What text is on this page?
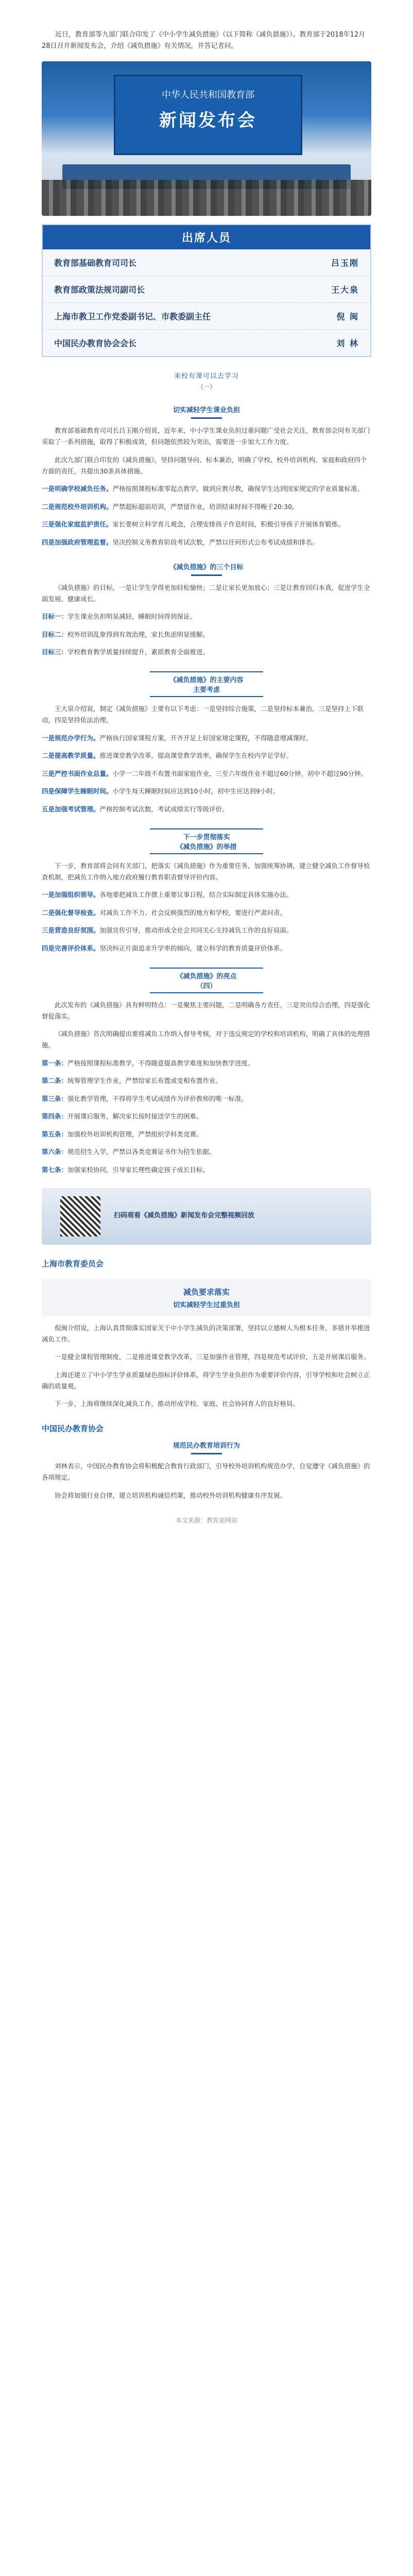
近日，教育部等九部门联合印发了《中小学生减负措施》（以下简称《减负措施》）。教育部于2018年12月28日召开新闻发布会，介绍《减负措施》有关情况，并答记者问。

中华人民共和国教育部
新闻发布会
出席人员
教育部基础教育司司长	吕玉刚
教育部政策法规司副司长	王大泉
上海市教卫工作党委副书记、市教委副主任	倪 闽
中国民办教育协会会长	刘 林
来校有课可以去学习
（一）
切实减轻学生课业负担

教育部基础教育司司长吕玉刚介绍说，近年来，中小学生课业负担过重问题广受社会关注，教育部会同有关部门采取了一系列措施，取得了积极成效，但问题依然较为突出，需要进一步加大工作力度。

此次九部门联合印发的《减负措施》，坚持问题导向、标本兼治，明确了学校、校外培训机构、家庭和政府四个方面的责任，共提出30条具体措施。

一是明确学校减负任务。严格按照课程标准零起点教学，做到应教尽教，确保学生达到国家规定的学业质量标准。

二是规范校外培训机构。严禁超标超前培训，严禁留作业，培训结束时间不得晚于20:30。

三是强化家庭监护责任。家长要树立科学育儿观念，合理安排孩子作息时间，积极引导孩子开展体育锻炼。

四是加强政府管理监督。坚决控制义务教育阶段考试次数，严禁以任何形式公布考试成绩和排名。

《减负措施》的三个目标

《减负措施》的目标，一是让学生学得更加轻松愉快；二是让家长更加放心；三是让教育回归本真，促进学生全面发展、健康成长。

目标一：学生课业负担明显减轻，睡眠时间得到保证。

目标二：校外培训乱象得到有效治理，家长焦虑明显缓解。

目标三：学校教育教学质量持续提升，素质教育全面推进。

《减负措施》的主要内容
主要考虑

王大泉介绍说，制定《减负措施》主要有以下考虑：一是坚持综合施策，二是坚持标本兼治，三是坚持上下联动，四是坚持依法治理。

一是规范办学行为。严格执行国家课程方案，开齐开足上好国家规定课程，不得随意增减课时。

二是提高教学质量。推进课堂教学改革，提高课堂教学效率，确保学生在校内学足学好。

三是严控书面作业总量。小学一二年级不布置书面家庭作业，三至六年级作业不超过60分钟，初中不超过90分钟。

四是保障学生睡眠时间。小学生每天睡眠时间应达到10小时，初中生应达到9小时。

五是加强考试管理。严格控制考试次数，考试成绩实行等级评价。

下一步贯彻落实
《减负措施》的举措

下一步，教育部将会同有关部门，把落实《减负措施》作为重要任务，加强统筹协调，建立健全减负工作督导检查机制，把减负工作纳入地方政府履行教育职责督导评价内容。

一是加强组织领导。各地要把减负工作摆上重要议事日程，结合实际制定具体实施办法。

二是强化督导检查。对减负工作不力、社会反映强烈的地方和学校，要进行严肃问责。

三是营造良好氛围。加强宣传引导，推动形成全社会共同关心支持减负工作的良好局面。

四是完善评价体系。坚决纠正片面追求升学率的倾向，建立科学的教育质量评价体系。

《减负措施》的亮点
（四）

此次发布的《减负措施》具有鲜明特点：一是聚焦主要问题，二是明确各方责任，三是突出综合治理，四是强化督促落实。

《减负措施》首次明确提出要将减负工作纳入督导考核，对于违反规定的学校和培训机构，明确了具体的处理措施。

第一条：严格按照课程标准教学，不得随意提高教学难度和加快教学进度。

第二条：统筹管理学生作业，严禁给家长布置或变相布置作业。

第三条：强化教学管理，不得将学生考试成绩作为评价教师的唯一标准。

第四条：开展课后服务，解决家长按时接送学生的困难。

第五条：加强校外培训机构管理，严禁组织学科类竞赛。

第六条：规范招生入学，严禁以各类竞赛证书作为招生依据。

第七条：加强家校协同，引导家长理性确定孩子成长目标。

扫码观看《减负措施》新闻发布会完整视频回放
上海市教育委员会
减负要求落实
切实减轻学生过重负担

倪闽介绍说，上海认真贯彻落实国家关于中小学生减负的决策部署，坚持以立德树人为根本任务，多措并举推进减负工作。

一是健全课程管理制度，二是推进课堂教学改革，三是加强作业管理，四是规范考试评价，五是开展课后服务。

上海还建立了中小学生学业质量绿色指标评价体系，将学生学业负担作为重要评价内容，引导学校和社会树立正确的质量观。

下一步，上海将继续深化减负工作，推动形成学校、家庭、社会协同育人的良好格局。

中国民办教育协会
规范民办教育培训行为

刘林表示，中国民办教育协会将积极配合教育行政部门，引导校外培训机构规范办学，自觉遵守《减负措施》的各项规定。

协会将加强行业自律，建立培训机构诚信档案，推动校外培训机构健康有序发展。

本文来源：教育部网站
